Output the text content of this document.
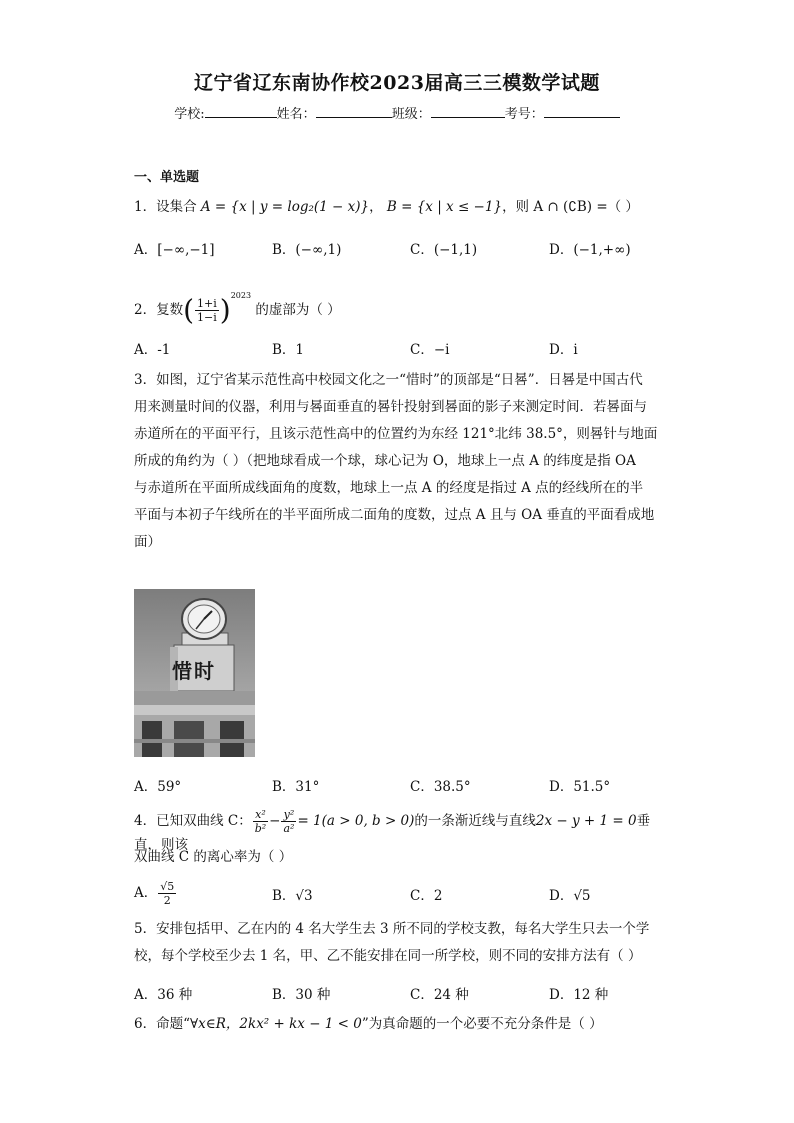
辽宁省辽东南协作校2023届高三三模数学试题
学校:	姓名：	班级：	考号：
一、单选题
1．设集合 A = {x | y = log₂(1 − x)}， B = {x | x ≤ −1}，则 A ∩ (∁B) =（ ）
A．[−∞,−1]	B．(−∞,1)	C．(−1,1)	D．(−1,+∞)
2．复数( $\frac{1+i}{1-i} )^{2023}$ 的虚部为（ ）
A．-1	B．1	C．−i	D．i
3．如图，辽宁省某示范性高中校园文化之一“惜时”的顶部是“日晷”．日晷是中国古代
用来测量时间的仪器，利用与晷面垂直的晷针投射到晷面的影子来测定时间．若晷面与
赤道所在的平面平行，且该示范性高中的位置约为东经 121°北纬 38.5°，则晷针与地面
所成的角约为（ ）（把地球看成一个球，球心记为 O，地球上一点 A 的纬度是指 OA
与赤道所在平面所成线面角的度数，地球上一点 A 的经度是指过 A 点的经线所在的半
平面与本初子午线所在的半平面所成二面角的度数，过点 A 且与 OA 垂直的平面看成地
面）
惜时
A．59°	B．31°	C．38.5°	D．51.5°
4．已知双曲线 C： $\frac{\text{x²}}{\text{b²}} - \frac{\text{y²}}{\text{a²}} = 1(a > 0$, b > 0)的一条渐近线与直线2x − y + 1 = 0垂直，则该
双曲线 C 的离心率为（ ）
A． $\frac{√5}{2}$	B．√3	C．2	D．√5
5．安排包括甲、乙在内的 4 名大学生去 3 所不同的学校支教，每名大学生只去一个学
校，每个学校至少去 1 名，甲、乙不能安排在同一所学校，则不同的安排方法有（ ）
A．36 种	B．30 种	C．24 种	D．12 种
6．命题“∀x∈R，2kx² + kx − 1 < 0”为真命题的一个必要不充分条件是（ ）
